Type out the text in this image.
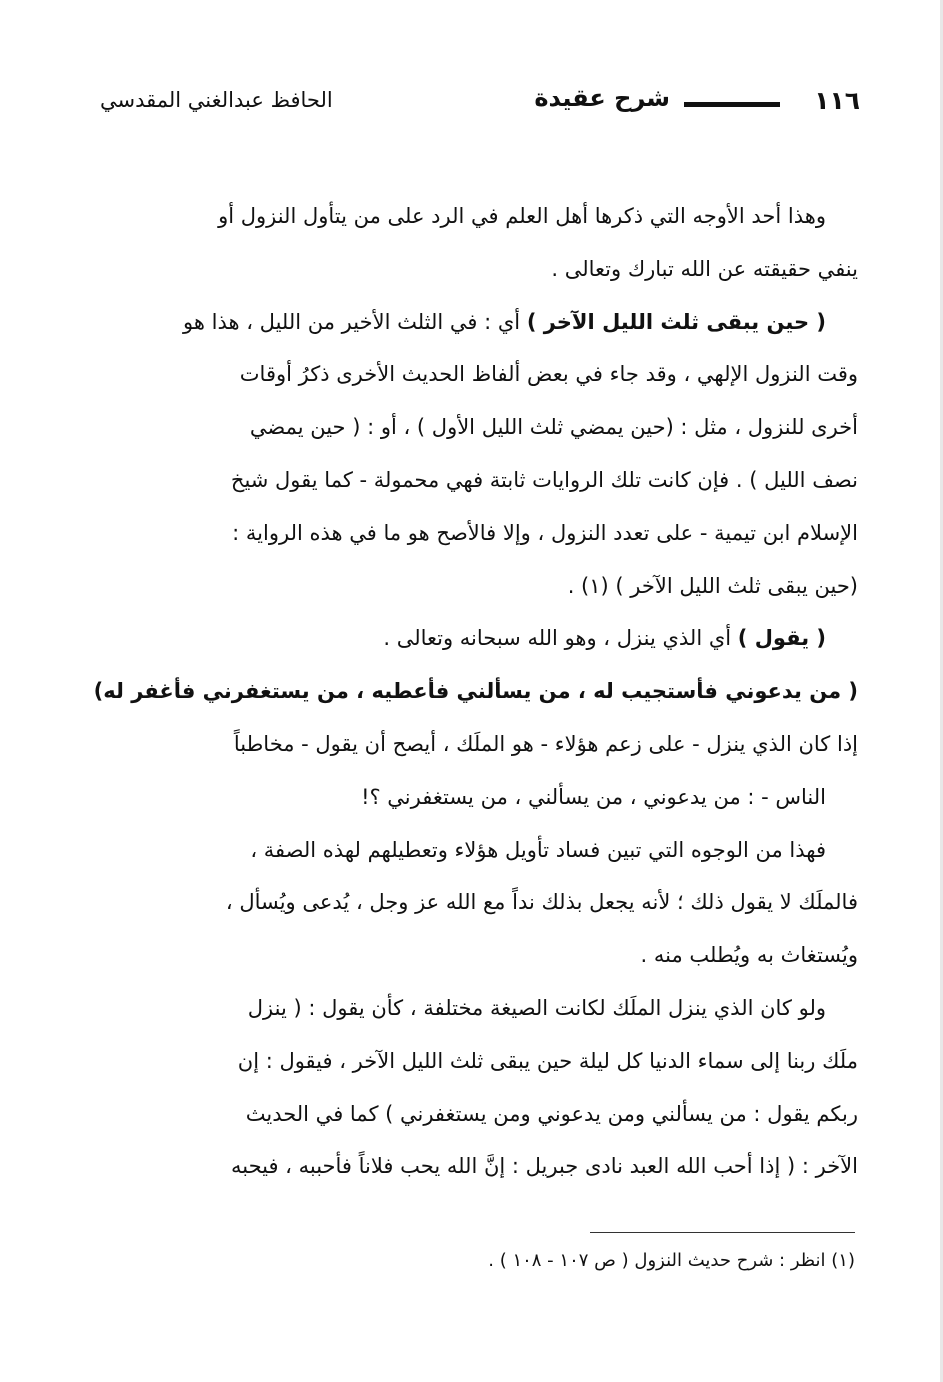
١١٦
شرح عقيدة
الحافظ عبدالغني المقدسي
وهذا أحد الأوجه التي ذكرها أهل العلم في الرد على من يتأول النزول أو
ينفي حقيقته عن الله تبارك وتعالى .
( حين يبقى ثلث الليل الآخر ) أي : في الثلث الأخير من الليل ، هذا هو
وقت النزول الإلهي ، وقد جاء في بعض ألفاظ الحديث الأخرى ذكرُ أوقات
أخرى للنزول ، مثل : (حين يمضي ثلث الليل الأول ) ، أو : ( حين يمضي
نصف الليل ) . فإن كانت تلك الروايات ثابتة فهي محمولة - كما يقول شيخ
الإسلام ابن تيمية - على تعدد النزول ، وإلا فالأصح هو ما في هذه الرواية :
(حين يبقى ثلث الليل الآخر ) (١) .
( يقول ) أي الذي ينزل ، وهو الله سبحانه وتعالى .
( من يدعوني فأستجيب له ، من يسألني فأعطيه ، من يستغفرني فأغفر له)
إذا كان الذي ينزل - على زعم هؤلاء - هو الملَك ، أيصح أن يقول - مخاطباً
الناس - : من يدعوني ، من يسألني ، من يستغفرني ؟!
فهذا من الوجوه التي تبين فساد تأويل هؤلاء وتعطيلهم لهذه الصفة ،
فالملَك لا يقول ذلك ؛ لأنه يجعل بذلك نداً مع الله عز وجل ، يُدعى ويُسأل ،
ويُستغاث به ويُطلب منه .
ولو كان الذي ينزل الملَك لكانت الصيغة مختلفة ، كأن يقول : ( ينزل
ملَك ربنا إلى سماء الدنيا كل ليلة حين يبقى ثلث الليل الآخر ، فيقول : إن
ربكم يقول : من يسألني ومن يدعوني ومن يستغفرني ) كما في الحديث
الآخر : ( إذا أحب الله العبد نادى جبريل : إنَّ الله يحب فلاناً فأحببه ، فيحبه
(١) انظر : شرح حديث النزول ( ص ١٠٧ - ١٠٨ ) .
